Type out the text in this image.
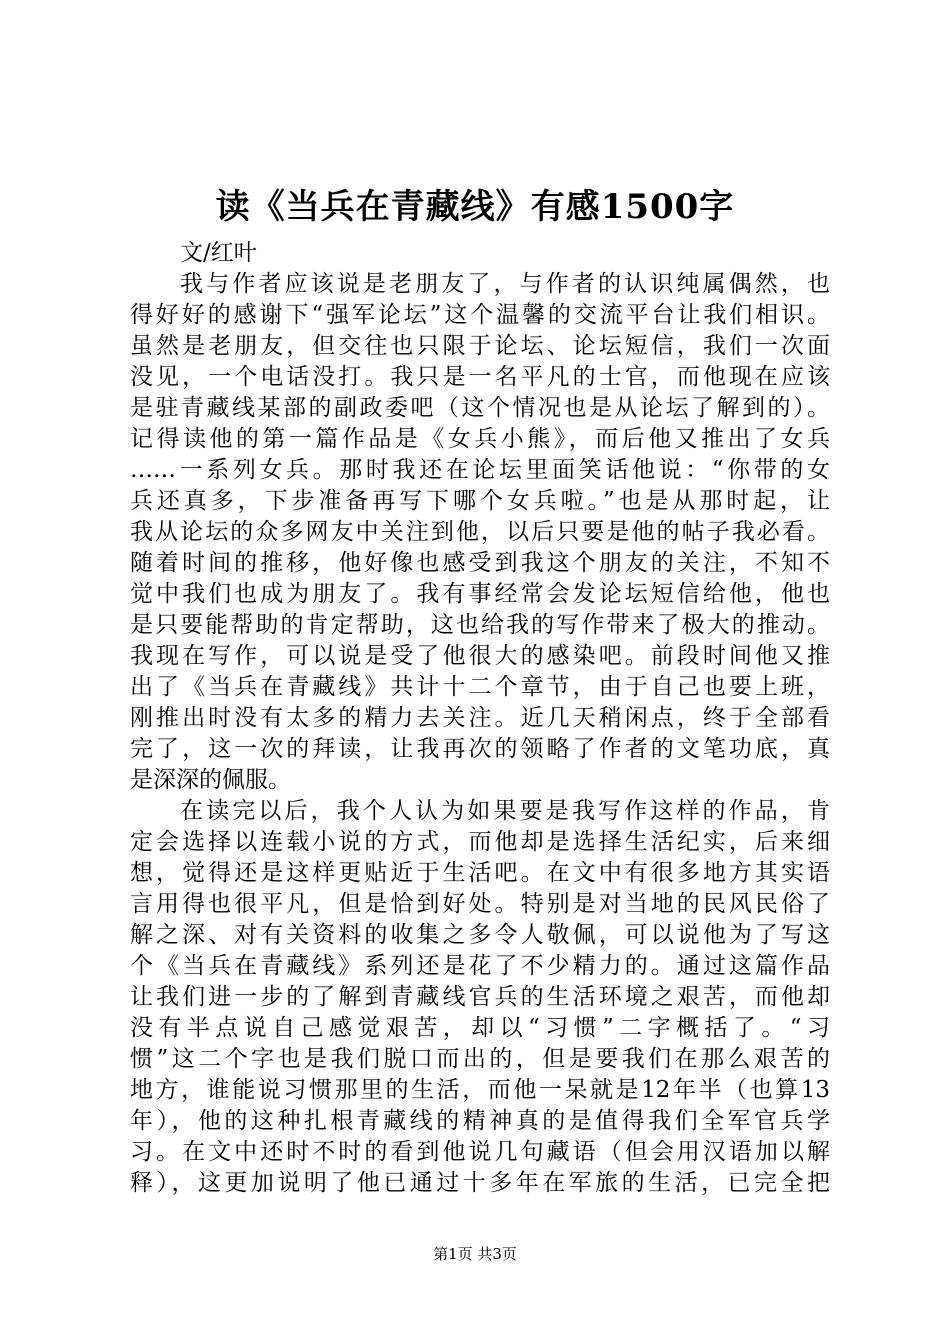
读《当兵在青藏线》有感1500字
文/红叶
我与作者应该说是老朋友了，与作者的认识纯属偶然，也
得好好的感谢下“强军论坛”这个温馨的交流平台让我们相识。
虽然是老朋友，但交往也只限于论坛、论坛短信，我们一次面
没见，一个电话没打。我只是一名平凡的士官，而他现在应该
是驻青藏线某部的副政委吧（这个情况也是从论坛了解到的）。
记得读他的第一篇作品是《女兵小熊》，而后他又推出了女兵
……一系列女兵。那时我还在论坛里面笑话他说：“你带的女
兵还真多，下步准备再写下哪个女兵啦。”也是从那时起，让
我从论坛的众多网友中关注到他，以后只要是他的帖子我必看。
随着时间的推移，他好像也感受到我这个朋友的关注，不知不
觉中我们也成为朋友了。我有事经常会发论坛短信给他，他也
是只要能帮助的肯定帮助，这也给我的写作带来了极大的推动。
我现在写作，可以说是受了他很大的感染吧。前段时间他又推
出了《当兵在青藏线》共计十二个章节，由于自己也要上班，
刚推出时没有太多的精力去关注。近几天稍闲点，终于全部看
完了，这一次的拜读，让我再次的领略了作者的文笔功底，真
是深深的佩服。
在读完以后，我个人认为如果要是我写作这样的作品，肯
定会选择以连载小说的方式，而他却是选择生活纪实，后来细
想，觉得还是这样更贴近于生活吧。在文中有很多地方其实语
言用得也很平凡，但是恰到好处。特别是对当地的民风民俗了
解之深、对有关资料的收集之多令人敬佩，可以说他为了写这
个《当兵在青藏线》系列还是花了不少精力的。通过这篇作品
让我们进一步的了解到青藏线官兵的生活环境之艰苦，而他却
没有半点说自己感觉艰苦，却以“习惯”二字概括了。“习
惯”这二个字也是我们脱口而出的，但是要我们在那么艰苦的
地方，谁能说习惯那里的生活，而他一呆就是12年半（也算13
年），他的这种扎根青藏线的精神真的是值得我们全军官兵学
习。在文中还时不时的看到他说几句藏语（但会用汉语加以解
释），这更加说明了他已通过十多年在军旅的生活，已完全把
第1页 共3页
